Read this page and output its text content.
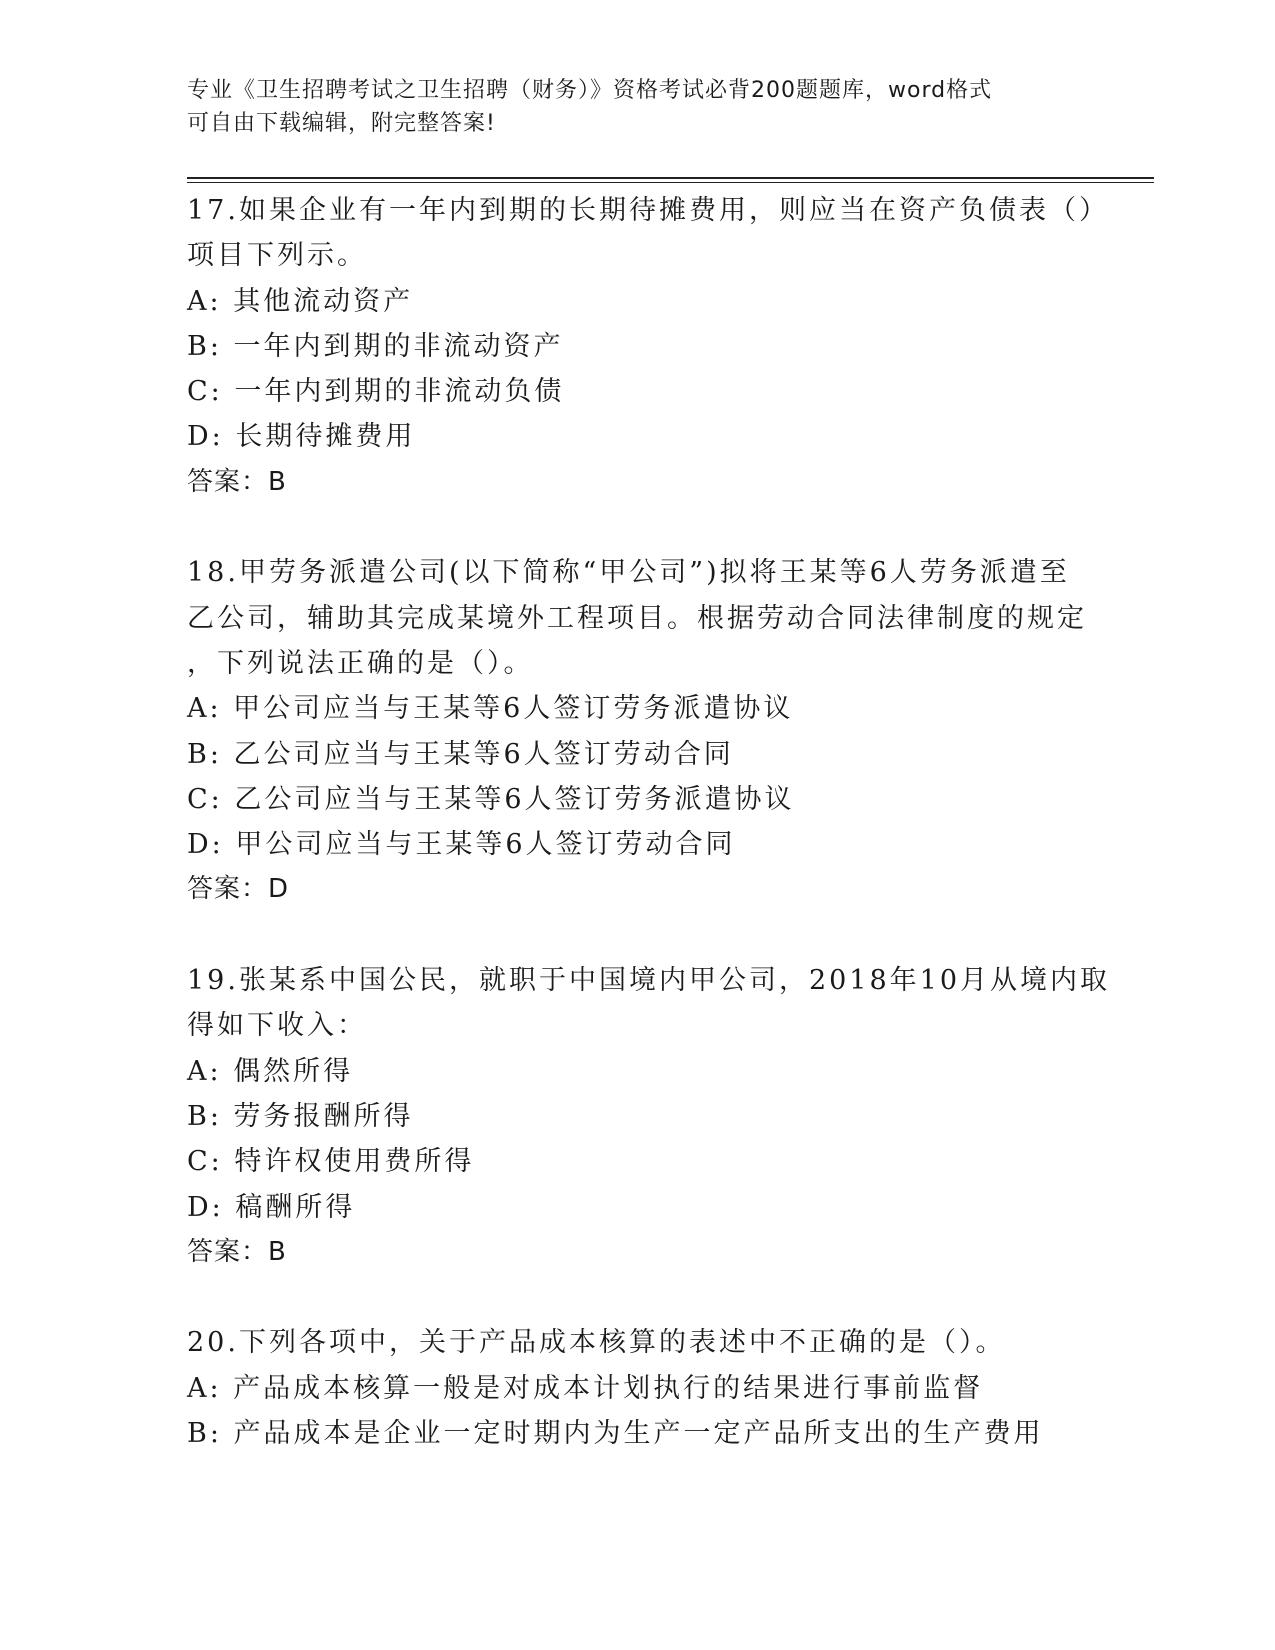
专业《卫生招聘考试之卫生招聘（财务）》资格考试必背200题题库，word格式
可自由下载编辑，附完整答案!
17.如果企业有一年内到期的长期待摊费用，则应当在资产负债表（）
项目下列示。
A: 其他流动资产
B: 一年内到期的非流动资产
C: 一年内到期的非流动负债
D: 长期待摊费用
答案：B
18.甲劳务派遣公司(以下简称“甲公司”)拟将王某等6人劳务派遣至
乙公司，辅助其完成某境外工程项目。根据劳动合同法律制度的规定
，下列说法正确的是（）。
A: 甲公司应当与王某等6人签订劳务派遣协议
B: 乙公司应当与王某等6人签订劳动合同
C: 乙公司应当与王某等6人签订劳务派遣协议
D: 甲公司应当与王某等6人签订劳动合同
答案：D
19.张某系中国公民，就职于中国境内甲公司，2018年10月从境内取
得如下收入：
A: 偶然所得
B: 劳务报酬所得
C: 特许权使用费所得
D: 稿酬所得
答案：B
20.下列各项中，关于产品成本核算的表述中不正确的是（）。
A: 产品成本核算一般是对成本计划执行的结果进行事前监督
B: 产品成本是企业一定时期内为生产一定产品所支出的生产费用
